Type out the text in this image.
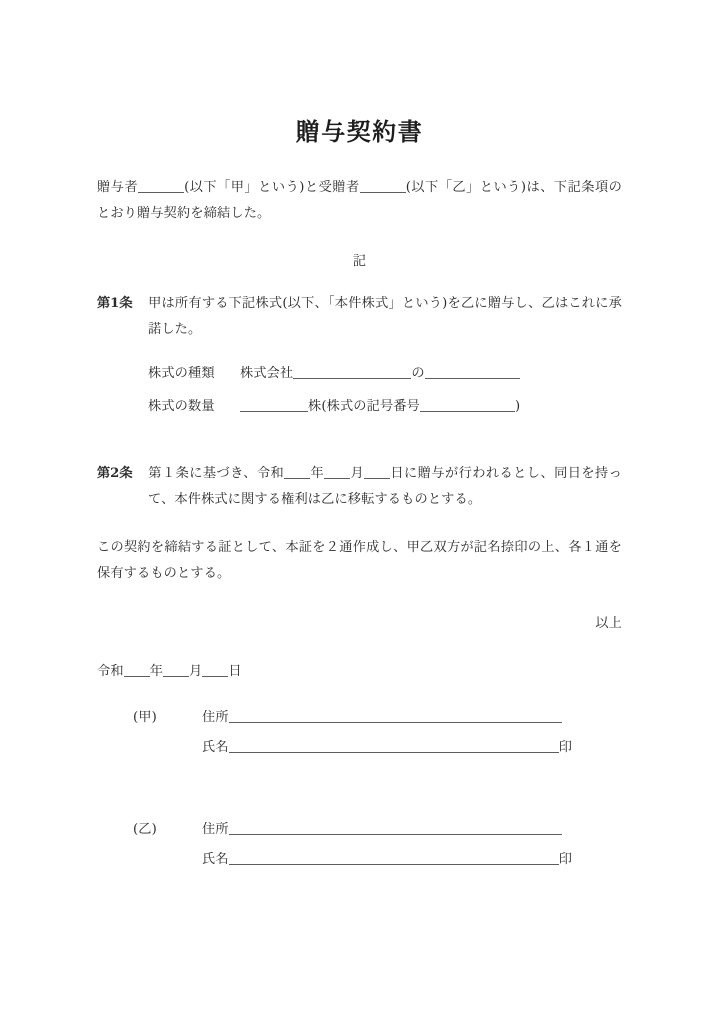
贈与契約書

贈与者	(以下「甲」という)と受贈者	(以下「乙」という)は、下記条項のとおり贈与契約を締結した。

記

第1条 甲は所有する下記株式(以下、「本件株式」という)を乙に贈与し、乙はこれに承諾した。

株式の種類 株式会社	の

株式の数量	株(株式の記号番号	)

第2条 第１条に基づき、令和 年 月 日に贈与が行われるとし、同日を持って、本件株式に関する権利は乙に移転するものとする。

この契約を締結する証として、本証を２通作成し、甲乙双方が記名捺印の上、各１通を保有するものとする。

以上

令和 年 月 日

(甲)	住所

氏名	印

(乙)	住所

氏名	印
